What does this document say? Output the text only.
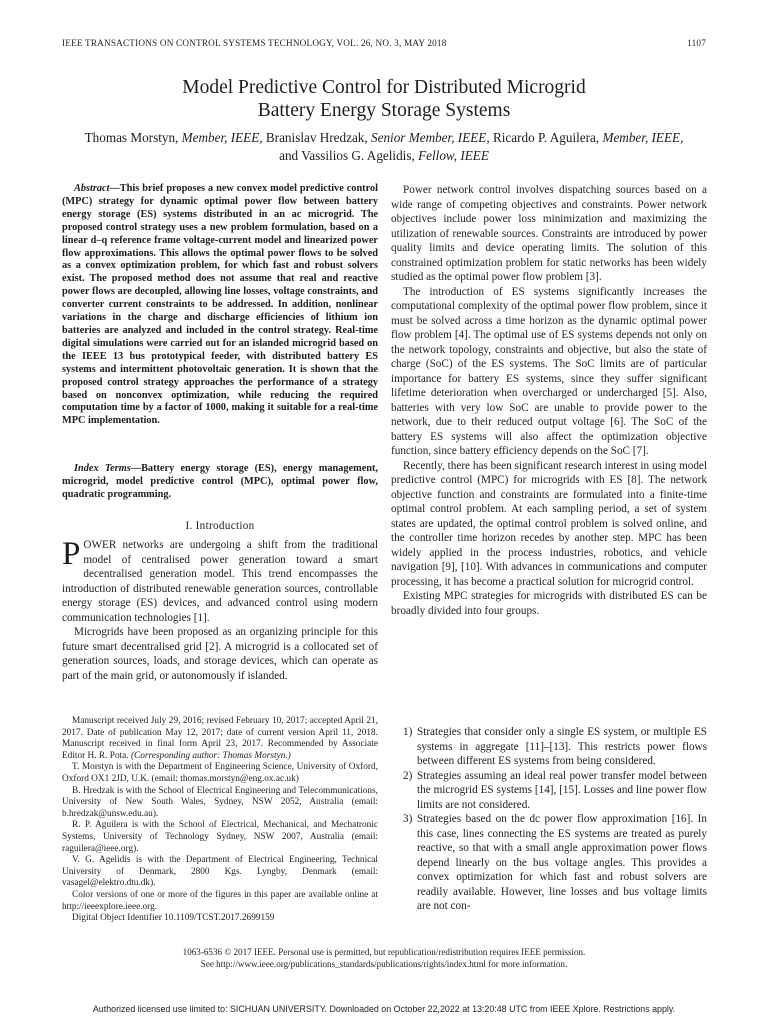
IEEE TRANSACTIONS ON CONTROL SYSTEMS TECHNOLOGY, VOL. 26, NO. 3, MAY 2018	1107
Model Predictive Control for Distributed Microgrid
Battery Energy Storage Systems
Thomas Morstyn, Member, IEEE, Branislav Hredzak, Senior Member, IEEE, Ricardo P. Aguilera, Member, IEEE,
and Vassilios G. Agelidis, Fellow, IEEE

Abstract—This brief proposes a new convex model predictive control (MPC) strategy for dynamic optimal power flow between battery energy storage (ES) systems distributed in an ac microgrid. The proposed control strategy uses a new problem formulation, based on a linear d–q reference frame voltage-current model and linearized power flow approximations. This allows the optimal power flows to be solved as a convex optimization problem, for which fast and robust solvers exist. The proposed method does not assume that real and reactive power flows are decoupled, allowing line losses, voltage constraints, and converter current constraints to be addressed. In addition, nonlinear variations in the charge and discharge efficiencies of lithium ion batteries are analyzed and included in the control strategy. Real-time digital simulations were carried out for an islanded microgrid based on the IEEE 13 bus prototypical feeder, with distributed battery ES systems and intermittent photovoltaic generation. It is shown that the proposed control strategy approaches the performance of a strategy based on nonconvex optimization, while reducing the required computation time by a factor of 1000, making it suitable for a real-time MPC implementation.

Index Terms—Battery energy storage (ES), energy management, microgrid, model predictive control (MPC), optimal power flow, quadratic programming.

I. Introduction

POWER networks are undergoing a shift from the traditional model of centralised power generation toward a smart decentralised generation model. This trend encompasses the introduction of distributed renewable generation sources, controllable energy storage (ES) devices, and advanced control using modern communication technologies [1].

Microgrids have been proposed as an organizing principle for this future smart decentralised grid [2]. A microgrid is a collocated set of generation sources, loads, and storage devices, which can operate as part of the main grid, or autonomously if islanded.

Manuscript received July 29, 2016; revised February 10, 2017; accepted April 21, 2017. Date of publication May 12, 2017; date of current version April 11, 2018. Manuscript received in final form April 23, 2017. Recommended by Associate Editor H. R. Pota. (Corresponding author: Thomas Morstyn.)

T. Morstyn is with the Department of Engineering Science, University of Oxford, Oxford OX1 2JD, U.K. (email: thomas.morstyn@eng.ox.ac.uk)

B. Hredzak is with the School of Electrical Engineering and Telecommunications, University of New South Wales, Sydney, NSW 2052, Australia (email: b.hredzak@unsw.edu.au).

R. P. Aguilera is with the School of Electrical, Mechanical, and Mechatronic Systems, University of Technology Sydney, NSW 2007, Australia (email: raguilera@ieee.org).

V. G. Agelidis is with the Department of Electrical Engineering, Technical University of Denmark, 2800 Kgs. Lyngby, Denmark (email: vasagel@elektro.dtu.dk).

Color versions of one or more of the figures in this paper are available online at http://ieeexplore.ieee.org.

Digital Object Identifier 10.1109/TCST.2017.2699159

Power network control involves dispatching sources based on a wide range of competing objectives and constraints. Power network objectives include power loss minimization and maximizing the utilization of renewable sources. Constraints are introduced by power quality limits and device operating limits. The solution of this constrained optimization problem for static networks has been widely studied as the optimal power flow problem [3].

The introduction of ES systems significantly increases the computational complexity of the optimal power flow problem, since it must be solved across a time horizon as the dynamic optimal power flow problem [4]. The optimal use of ES systems depends not only on the network topology, constraints and objective, but also the state of charge (SoC) of the ES systems. The SoC limits are of particular importance for battery ES systems, since they suffer significant lifetime deterioration when overcharged or undercharged [5]. Also, batteries with very low SoC are unable to provide power to the network, due to their reduced output voltage [6]. The SoC of the battery ES systems will also affect the optimization objective function, since battery efficiency depends on the SoC [7].

Recently, there has been significant research interest in using model predictive control (MPC) for microgrids with ES [8]. The network objective function and constraints are formulated into a finite-time optimal control problem. At each sampling period, a set of system states are updated, the optimal control problem is solved online, and the controller time horizon recedes by another step. MPC has been widely applied in the process industries, robotics, and vehicle navigation [9], [10]. With advances in communications and computer processing, it has become a practical solution for microgrid control.

Existing MPC strategies for microgrids with distributed ES can be broadly divided into four groups.

1) Strategies that consider only a single ES system, or multiple ES systems in aggregate [11]–[13]. This restricts power flows between different ES systems from being considered.
2) Strategies assuming an ideal real power transfer model between the microgrid ES systems [14], [15]. Losses and line power flow limits are not considered.
3) Strategies based on the dc power flow approximation [16]. In this case, lines connecting the ES systems are treated as purely reactive, so that with a small angle approximation power flows depend linearly on the bus voltage angles. This provides a convex optimization for which fast and robust solvers are readily available. However, line losses and bus voltage limits are not con-
1063-6536 © 2017 IEEE. Personal use is permitted, but republication/redistribution requires IEEE permission.
See http://www.ieee.org/publications_standards/publications/rights/index.html for more information.
Authorized licensed use limited to: SICHUAN UNIVERSITY. Downloaded on October 22,2022 at 13:20:48 UTC from IEEE Xplore. Restrictions apply.
